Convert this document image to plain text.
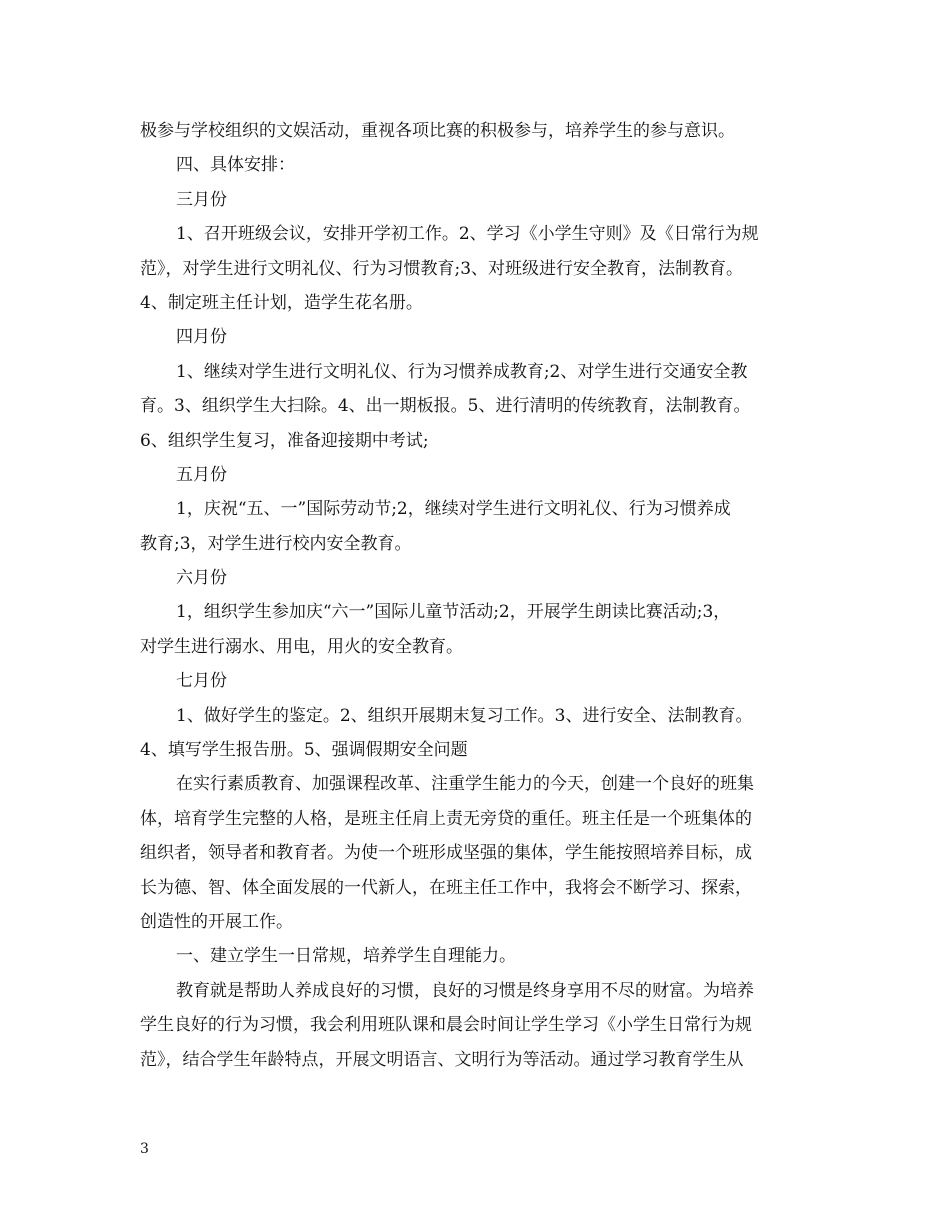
极参与学校组织的文娱活动，重视各项比赛的积极参与，培养学生的参与意识。
四、具体安排：
三月份
1、召开班级会议，安排开学初工作。2、学习《小学生守则》及《日常行为规
范》，对学生进行文明礼仪、行为习惯教育;3、对班级进行安全教育，法制教育。
4、制定班主任计划，造学生花名册。
四月份
1、继续对学生进行文明礼仪、行为习惯养成教育;2、对学生进行交通安全教
育。3、组织学生大扫除。4、出一期板报。5、进行清明的传统教育，法制教育。
6、组织学生复习，准备迎接期中考试;
五月份
1，庆祝“五、一”国际劳动节;2，继续对学生进行文明礼仪、行为习惯养成
教育;3，对学生进行校内安全教育。
六月份
1，组织学生参加庆“六一”国际儿童节活动;2，开展学生朗读比赛活动;3，
对学生进行溺水、用电，用火的安全教育。
七月份
1、做好学生的鉴定。2、组织开展期末复习工作。3、进行安全、法制教育。
4、填写学生报告册。5、强调假期安全问题
在实行素质教育、加强课程改革、注重学生能力的今天，创建一个良好的班集
体，培育学生完整的人格，是班主任肩上责无旁贷的重任。班主任是一个班集体的
组织者，领导者和教育者。为使一个班形成坚强的集体，学生能按照培养目标，成
长为德、智、体全面发展的一代新人，在班主任工作中，我将会不断学习、探索，
创造性的开展工作。
一、建立学生一日常规，培养学生自理能力。
教育就是帮助人养成良好的习惯，良好的习惯是终身享用不尽的财富。为培养
学生良好的行为习惯，我会利用班队课和晨会时间让学生学习《小学生日常行为规
范》，结合学生年龄特点，开展文明语言、文明行为等活动。通过学习教育学生从
3
